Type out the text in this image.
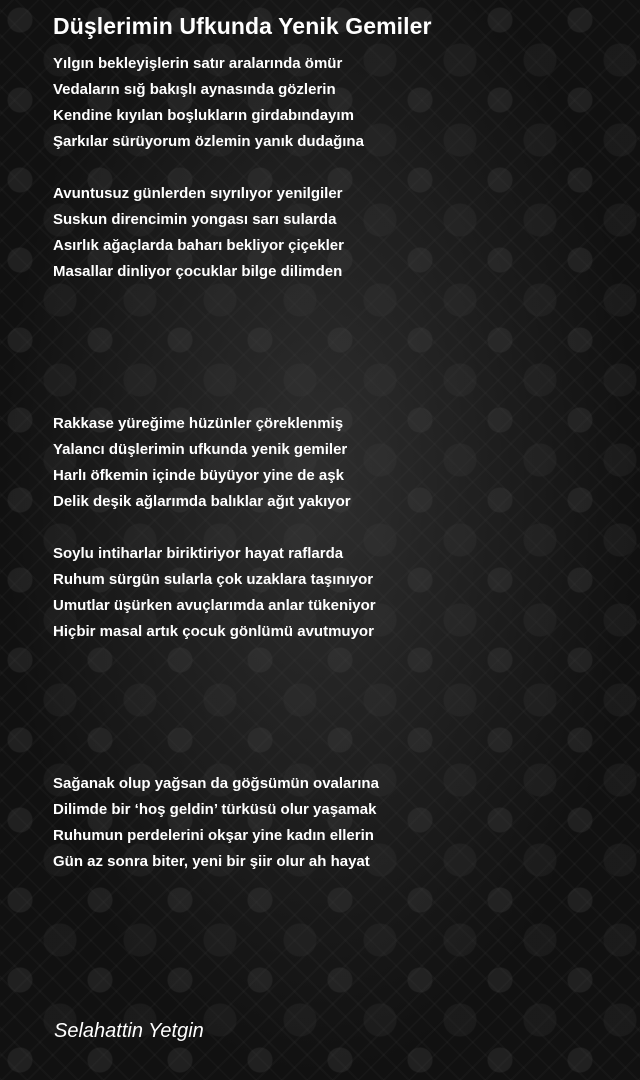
Düşlerimin Ufkunda Yenik Gemiler
Yılgın bekleyişlerin satır aralarında ömür
Vedaların sığ bakışlı aynasında gözlerin
Kendine kıyılan boşlukların girdabındayım
Şarkılar sürüyorum özlemin yanık dudağına
Avuntusuz günlerden sıyrılıyor yenilgiler
Suskun direncimin yongası sarı sularda
Asırlık ağaçlarda baharı bekliyor çiçekler
Masallar dinliyor çocuklar bilge dilimden
Rakkase yüreğime hüzünler çöreklenmiş
Yalancı düşlerimin ufkunda yenik gemiler
Harlı öfkemin içinde büyüyor yine de aşk
Delik deşik ağlarımda balıklar ağıt yakıyor
Soylu intiharlar biriktiriyor hayat raflarda
Ruhum sürgün sularla çok uzaklara taşınıyor
Umutlar üşürken avuçlarımda anlar tükeniyor
Hiçbir masal artık çocuk gönlümü avutmuyor
Sağanak olup yağsan da göğsümün ovalarına
Dilimde bir ‘hoş geldin’ türküsü olur yaşamak
Ruhumun perdelerini okşar yine kadın ellerin
Gün az sonra biter, yeni bir şiir olur ah hayat
Selahattin Yetgin
